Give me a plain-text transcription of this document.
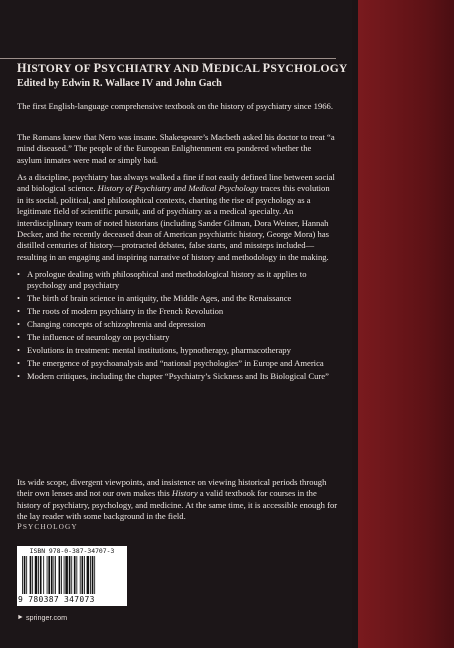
HISTORY OF PSYCHIATRY AND MEDICAL PSYCHOLOGY
Edited by Edwin R. Wallace IV and John Gach

The first English-language comprehensive textbook on the history of psychiatry since 1966.

The Romans knew that Nero was insane. Shakespeare’s Macbeth asked his doctor to treat “a mind diseased.” The people of the European Enlightenment era pondered whether the asylum inmates were mad or simply bad.

As a discipline, psychiatry has always walked a fine if not easily defined line between social and biological science. History of Psychiatry and Medical Psychology traces this evolution in its social, political, and philosophical contexts, charting the rise of psychology as a legitimate field of scientific pursuit, and of psychiatry as a medical specialty. An interdisciplinary team of noted historians (including Sander Gilman, Dora Weiner, Hannah Decker, and the recently deceased dean of American psychiatric history, George Mora) has distilled centuries of history—protracted debates, false starts, and missteps included—resulting in an engaging and inspiring narrative of history and methodology in the making.

• A prologue dealing with philosophical and methodological history as it applies to psychology and psychiatry
• The birth of brain science in antiquity, the Middle Ages, and the Renaissance
• The roots of modern psychiatry in the French Revolution
• Changing concepts of schizophrenia and depression
• The influence of neurology on psychiatry
• Evolutions in treatment: mental institutions, hypnotherapy, pharmacotherapy
• The emergence of psychoanalysis and “national psychologies” in Europe and America
• Modern critiques, including the chapter “Psychiatry’s Sickness and Its Biological Cure”

Its wide scope, divergent viewpoints, and insistence on viewing historical periods through their own lenses and not our own makes this History a valid textbook for courses in the history of psychiatry, psychology, and medicine. At the same time, it is accessible enough for the lay reader with some background in the field.

PSYCHOLOGY
ISBN 978-0-387-34707-3
9 780387 347073
► springer.com
